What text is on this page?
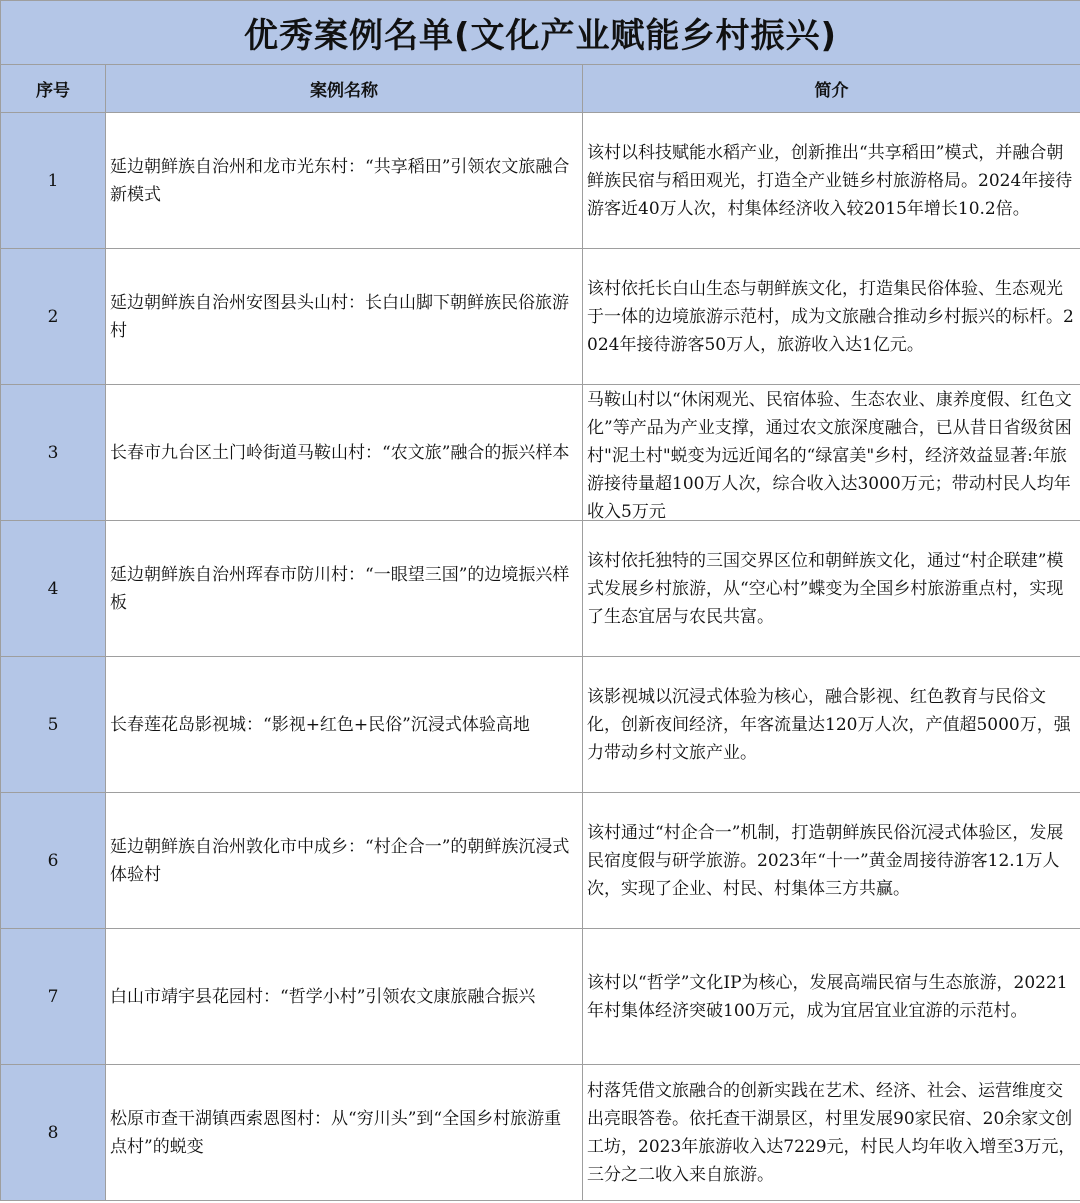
优秀案例名单(文化产业赋能乡村振兴)		
序号	案例名称	简介
1	延边朝鲜族自治州和龙市光东村：“共享稻田”引领农文旅融合新模式	该村以科技赋能水稻产业，创新推出“共享稻田”模式，并融合朝鲜族民宿与稻田观光，打造全产业链乡村旅游格局。2024年接待游客近40万人次，村集体经济收入较2015年增长10.2倍。

2	延边朝鲜族自治州安图县头山村：长白山脚下朝鲜族民俗旅游村	该村依托长白山生态与朝鲜族文化，打造集民俗体验、生态观光于一体的边境旅游示范村，成为文旅融合推动乡村振兴的标杆。2024年接待游客50万人，旅游收入达1亿元。

3	长春市九台区土门岭街道马鞍山村：“农文旅”融合的振兴样本	马鞍山村以“休闲观光、民宿体验、生态农业、康养度假、红色文化”等产品为产业支撑，通过农文旅深度融合，已从昔日省级贫困村"泥土村"蜕变为远近闻名的“绿富美"乡村，经济效益显著:年旅游接待量超100万人次，综合收入达3000万元；带动村民人均年收入5万元

4	延边朝鲜族自治州珲春市防川村：“一眼望三国”的边境振兴样板	该村依托独特的三国交界区位和朝鲜族文化，通过“村企联建”模式发展乡村旅游，从“空心村”蝶变为全国乡村旅游重点村，实现了生态宜居与农民共富。

5	长春莲花岛影视城：“影视+红色+民俗”沉浸式体验高地	该影视城以沉浸式体验为核心，融合影视、红色教育与民俗文化，创新夜间经济，年客流量达120万人次，产值超5000万，强力带动乡村文旅产业。

6	延边朝鲜族自治州敦化市中成乡：“村企合一”的朝鲜族沉浸式体验村	该村通过“村企合一”机制，打造朝鲜族民俗沉浸式体验区，发展民宿度假与研学旅游。2023年“十一”黄金周接待游客12.1万人次，实现了企业、村民、村集体三方共赢。

7	白山市靖宇县花园村：“哲学小村”引领农文康旅融合振兴	该村以“哲学”文化IP为核心，发展高端民宿与生态旅游，20221年村集体经济突破100万元，成为宜居宜业宜游的示范村。

8	松原市查干湖镇西索恩图村：从“穷川头”到“全国乡村旅游重点村”的蜕变	村落凭借文旅融合的创新实践在艺术、经济、社会、运营维度交出亮眼答卷。依托查干湖景区，村里发展90家民宿、20余家文创工坊，2023年旅游收入达7229元，村民人均年收入增至3万元，三分之二收入来自旅游。
